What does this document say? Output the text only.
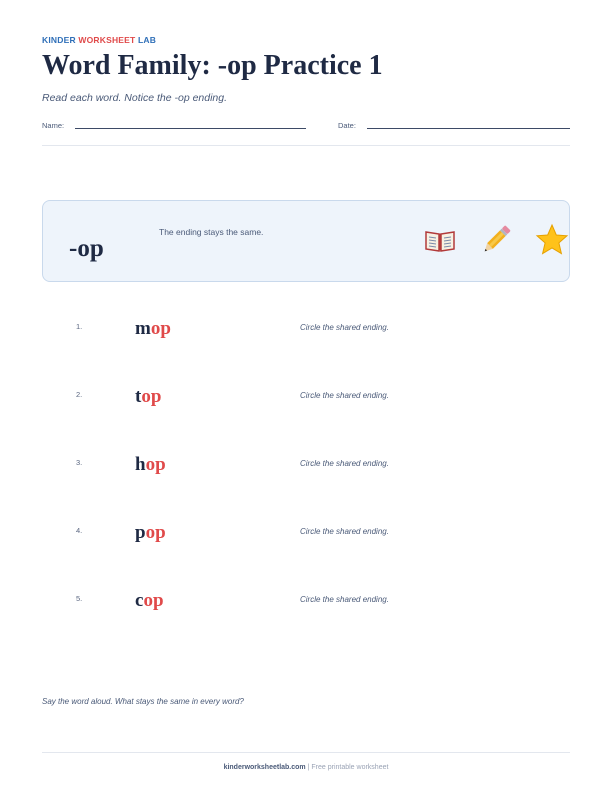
KINDER WORKSHEET LAB
Word Family: -op Practice 1
Read each word. Notice the -op ending.
Name:	Date:
-op
The ending stays the same.
1.	mop	Circle the shared ending.
2.	top	Circle the shared ending.
3.	hop	Circle the shared ending.
4.	pop	Circle the shared ending.
5.	cop	Circle the shared ending.
Say the word aloud. What stays the same in every word?
kinderworksheetlab.com | Free printable worksheet
